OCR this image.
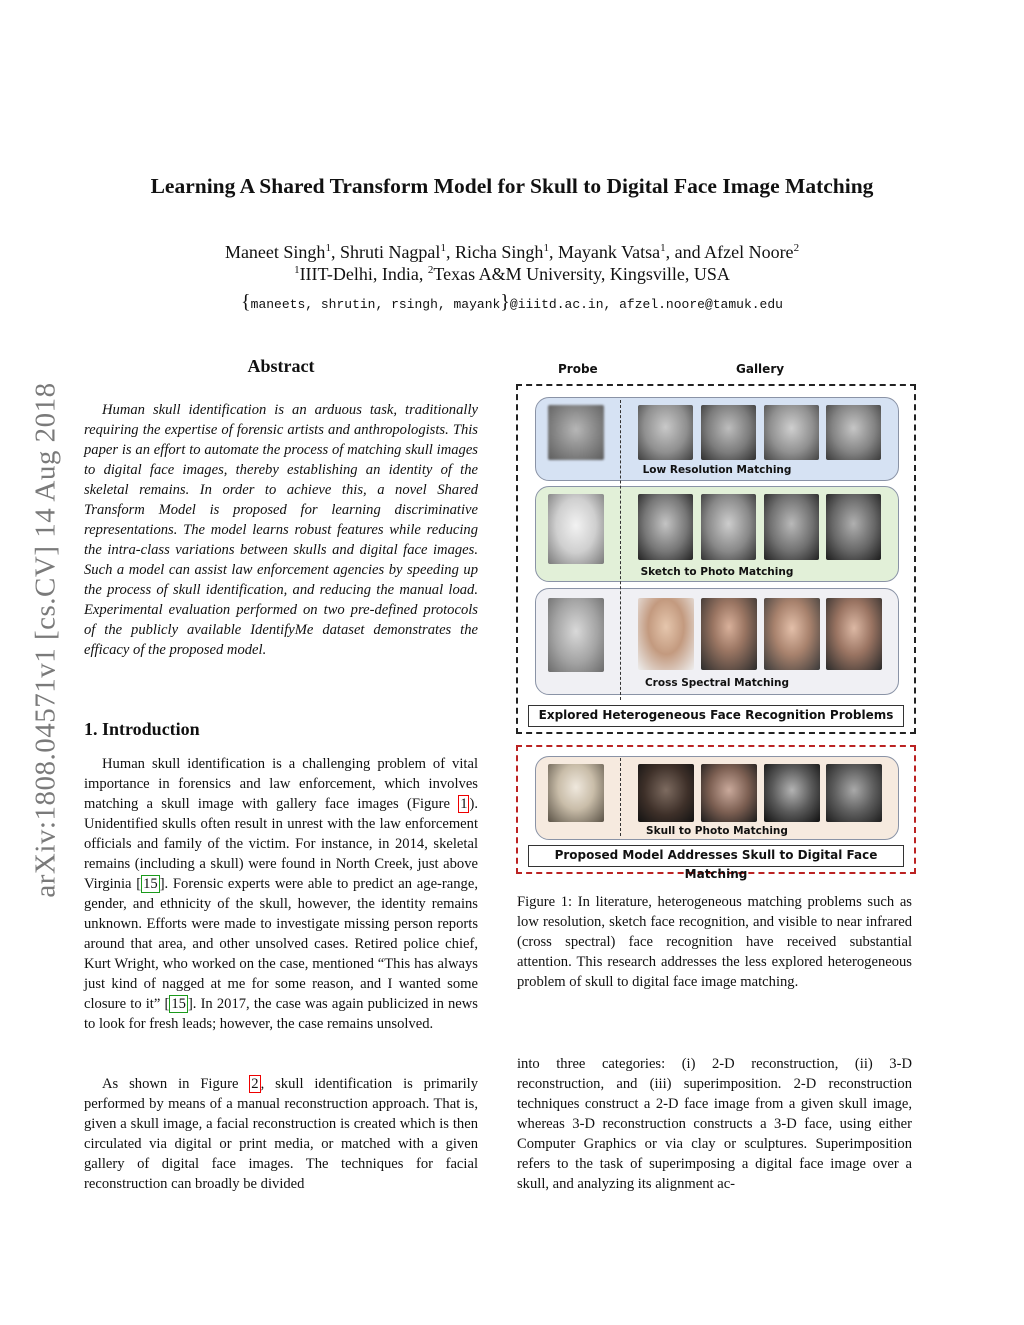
arXiv:1808.04571v1 [cs.CV] 14 Aug 2018
Learning A Shared Transform Model for Skull to Digital Face Image Matching
Maneet Singh$^1$, Shruti Nagpal$^1$, Richa Singh$^1$, Mayank Vatsa$^1$, and Afzel Noore$^2$
$^1$IIIT-Delhi, India, $^2$Texas A&M University, Kingsville, USA
{maneets, shrutin, rsingh, mayank}@iiitd.ac.in, afzel.noore@tamuk.edu
Abstract

Human skull identification is an arduous task, traditionally requiring the expertise of forensic artists and anthropologists. This paper is an effort to automate the process of matching skull images to digital face images, thereby establishing an identity of the skeletal remains. In order to achieve this, a novel Shared Transform Model is proposed for learning discriminative representations. The model learns robust features while reducing the intra-class variations between skulls and digital face images. Such a model can assist law enforcement agencies by speeding up the process of skull identification, and reducing the manual load. Experimental evaluation performed on two pre-defined protocols of the publicly available IdentifyMe dataset demonstrates the efficacy of the proposed model.

1. Introduction

Human skull identification is a challenging problem of vital importance in forensics and law enforcement, which involves matching a skull image with gallery face images (Figure 1 ). Unidentified skulls often result in unrest with the law enforcement officials and family of the victim. For instance, in 2014, skeletal remains (including a skull) were found in North Creek, just above Virginia [ 15 ]. Forensic experts were able to predict an age-range, gender, and ethnicity of the skull, however, the identity remains unknown. Efforts were made to investigate missing person reports around that area, and other unsolved cases. Retired police chief, Kurt Wright, who worked on the case, mentioned “This has always just kind of nagged at me for some reason, and I wanted some closure to it” [ 15 ]. In 2017, the case was again publicized in news to look for fresh leads; however, the case remains unsolved.

As shown in Figure 2 , skull identification is primarily performed by means of a manual reconstruction approach. That is, given a skull image, a facial reconstruction is created which is then circulated via digital or print media, or matched with a given gallery of digital face images. The techniques for facial reconstruction can broadly be divided

into three categories: (i) 2-D reconstruction, (ii) 3-D reconstruction, and (iii) superimposition. 2-D reconstruction techniques construct a 2-D face image from a given skull image, whereas 3-D reconstruction constructs a 3-D face, using either Computer Graphics or via clay or sculptures. Superimposition refers to the task of superimposing a digital face image over a skull, and analyzing its alignment ac-

Probe	Gallery
Low Resolution Matching
Sketch to Photo Matching
Cross Spectral Matching
Explored Heterogeneous Face Recognition Problems
Skull to Photo Matching
Proposed Model Addresses Skull to Digital Face Matching

Figure 1: In literature, heterogeneous matching problems such as low resolution, sketch face recognition, and visible to near infrared (cross spectral) face recognition have received substantial attention. This research addresses the less explored heterogeneous problem of skull to digital face image matching.
